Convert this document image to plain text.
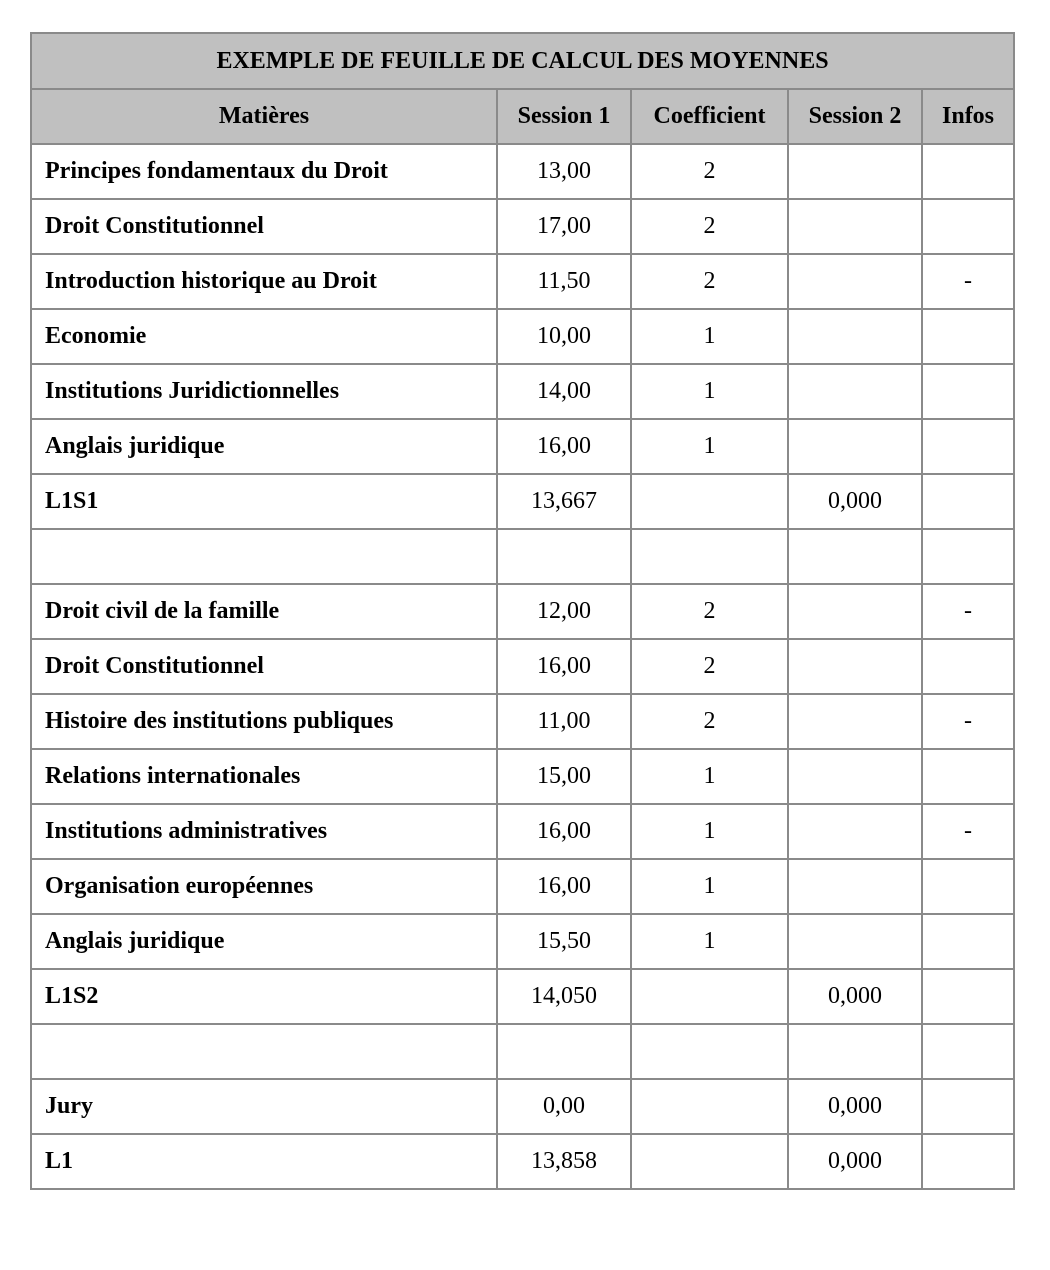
EXEMPLE DE FEUILLE DE CALCUL DES MOYENNES				
Matières	Session 1	Coefficient	Session 2	Infos
Principes fondamentaux du Droit	13,00	2		
Droit Constitutionnel	17,00	2		
Introduction historique au Droit	11,50	2		-
Economie	10,00	1		
Institutions Juridictionnelles	14,00	1		
Anglais juridique	16,00	1		
L1S1	13,667		0,000	

Droit civil de la famille	12,00	2		-
Droit Constitutionnel	16,00	2		
Histoire des institutions publiques	11,00	2		-
Relations internationales	15,00	1		
Institutions administratives	16,00	1		-
Organisation européennes	16,00	1		
Anglais juridique	15,50	1		
L1S2	14,050		0,000	

Jury	0,00		0,000	
L1	13,858		0,000	
